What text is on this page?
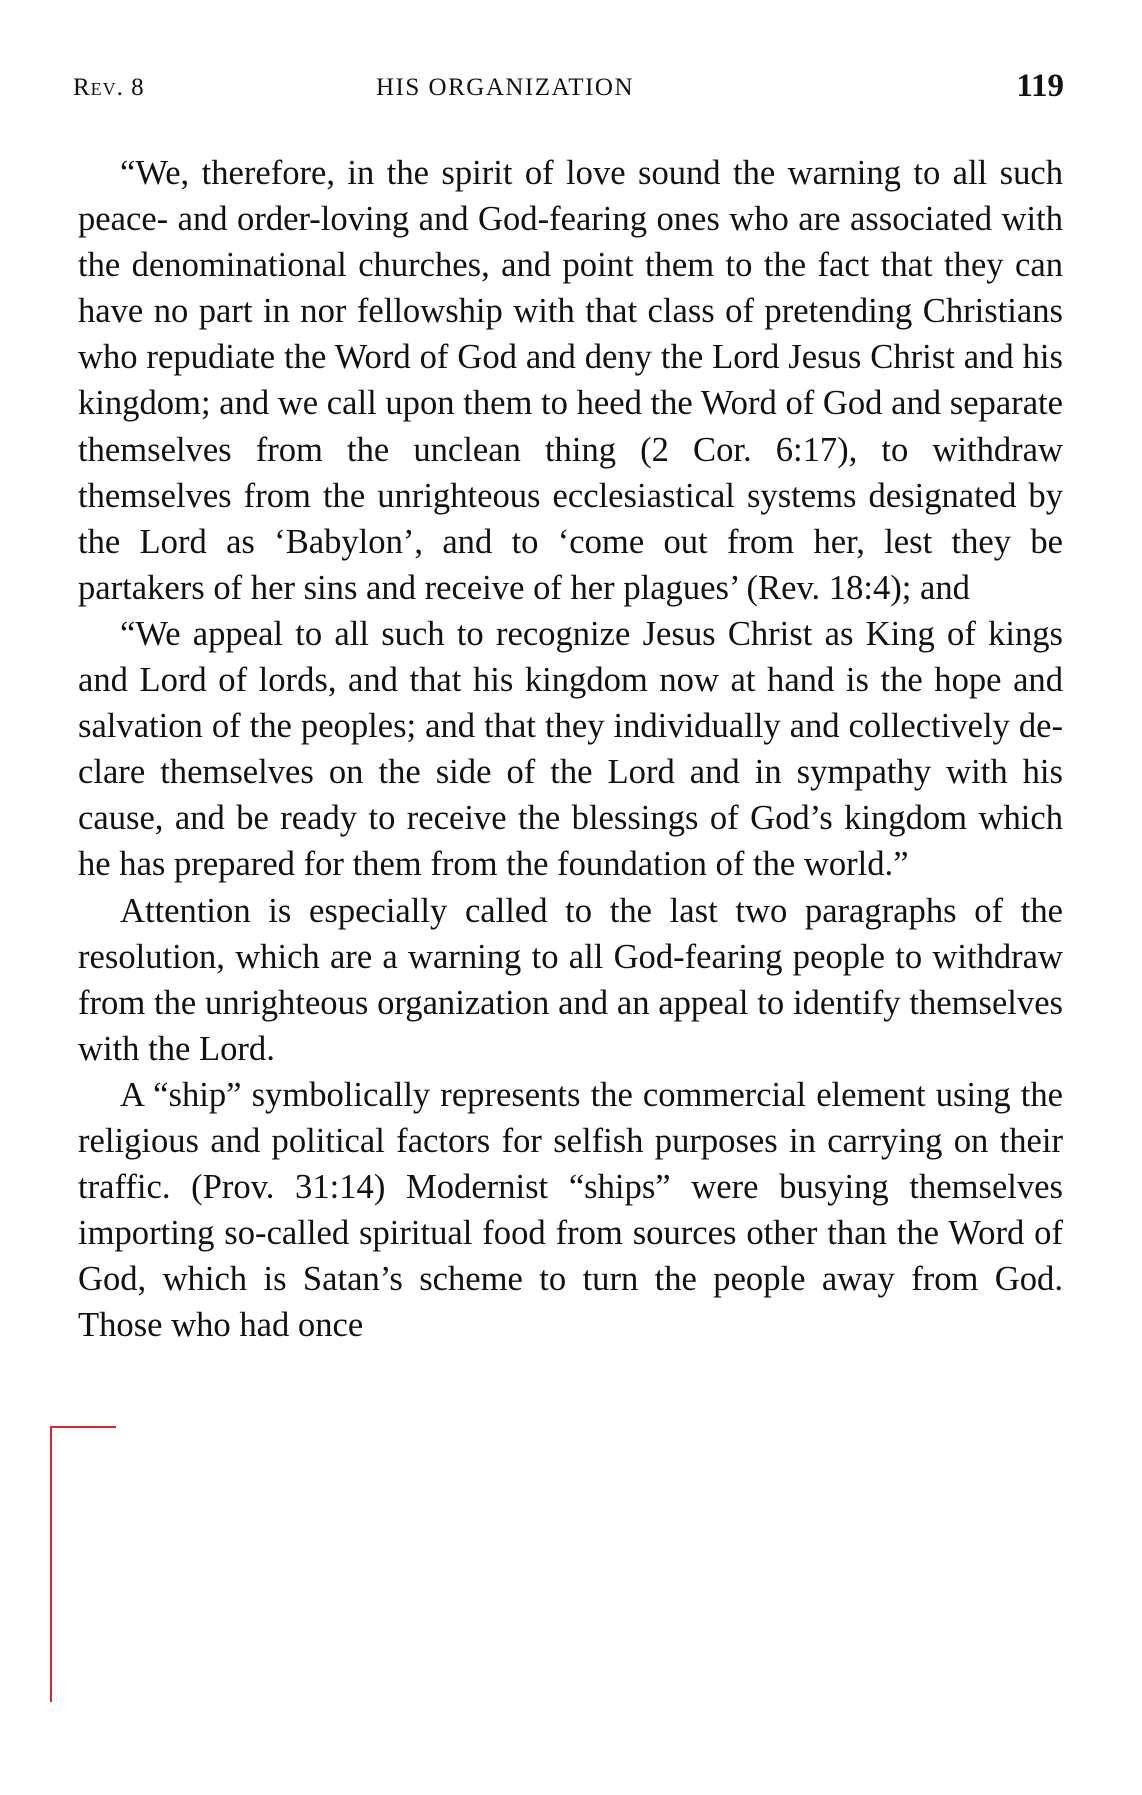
Rev. 8	HIS ORGANIZATION	119

“We, therefore, in the spirit of love sound the warning to all such peace- and order-loving and God-fearing ones who are associated with the denominational churches, and point them to the fact that they can have no part in nor fellowship with that class of pretending Christians who repudiate the Word of God and deny the Lord Jesus Christ and his kingdom; and we call upon them to heed the Word of God and separate themselves from the unclean thing (2 Cor. 6:17), to withdraw themselves from the unrighteous ecclesiastical systems designated by the Lord as ‘Babylon’, and to ‘come out from her, lest they be partakers of her sins and receive of her plagues’ (Rev. 18:4); and

“We appeal to all such to recognize Jesus Christ as King of kings and Lord of lords, and that his kingdom now at hand is the hope and salvation of the peoples; and that they individually and collectively declare themselves on the side of the Lord and in sympathy with his cause, and be ready to receive the blessings of God’s kingdom which he has prepared for them from the foundation of the world.”

Attention is especially called to the last two paragraphs of the resolution, which are a warning to all God-fearing people to withdraw from the unrighteous organization and an appeal to identify themselves with the Lord.

A “ship” symbolically represents the commercial element using the religious and political factors for selfish purposes in carrying on their traffic. (Prov. 31:14) Modernist “ships” were busying themselves importing so-called spiritual food from sources other than the Word of God, which is Satan’s scheme to turn the people away from God. Those who had once
